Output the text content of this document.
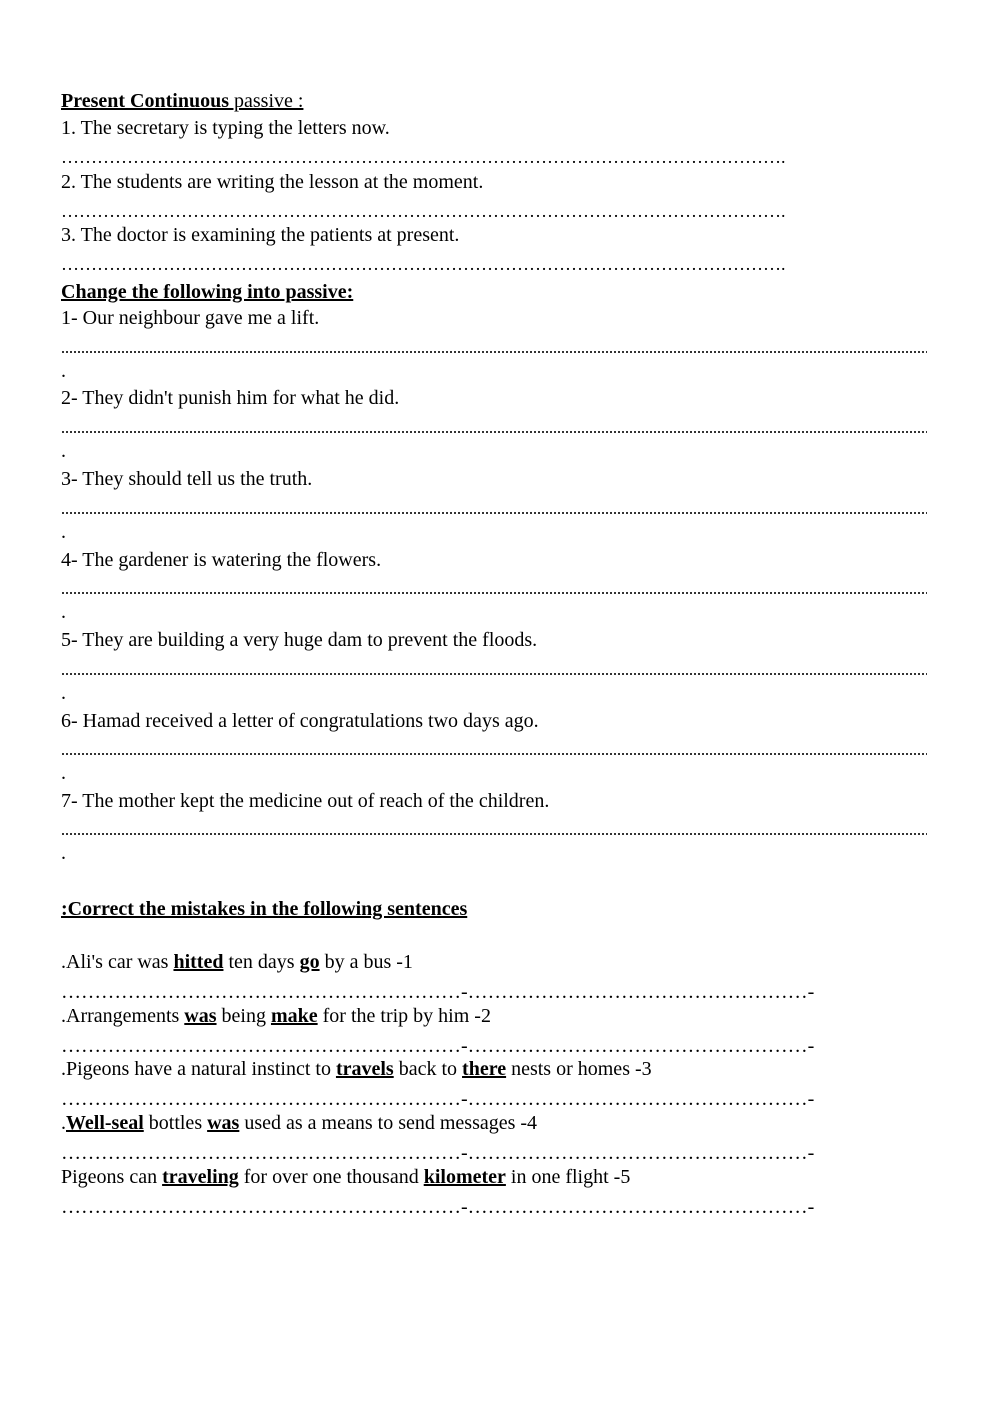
Present Continuous passive :
1. The secretary is typing the letters now.
………………………………………………………………………………………………………….
2. The students are writing the lesson at the moment.
………………………………………………………………………………………………………….
3. The doctor is examining the patients at present.
………………………………………………………………………………………………………….
Change the following into passive:
1- Our neighbour gave me a lift.
.
2- They didn't punish him for what he did.
.
3- They should tell us the truth.
.
4- The gardener is watering the flowers.
.
5- They are building a very huge dam to prevent the floods.
.
6- Hamad received a letter of congratulations two days ago.
.
7- The mother kept the medicine out of reach of the children.
.
:Correct the mistakes in the following sentences
.Ali's car was hitted ten days go by a bus -1
……………………………………………………-……………………………………………-
.Arrangements was being make for the trip by him -2
……………………………………………………-……………………………………………-
.Pigeons have a natural instinct to travels back to there nests or homes -3
……………………………………………………-……………………………………………-
.Well-seal bottles was used as a means to send messages -4
……………………………………………………-……………………………………………-
Pigeons can traveling for over one thousand kilometer in one flight -5
……………………………………………………-……………………………………………-
